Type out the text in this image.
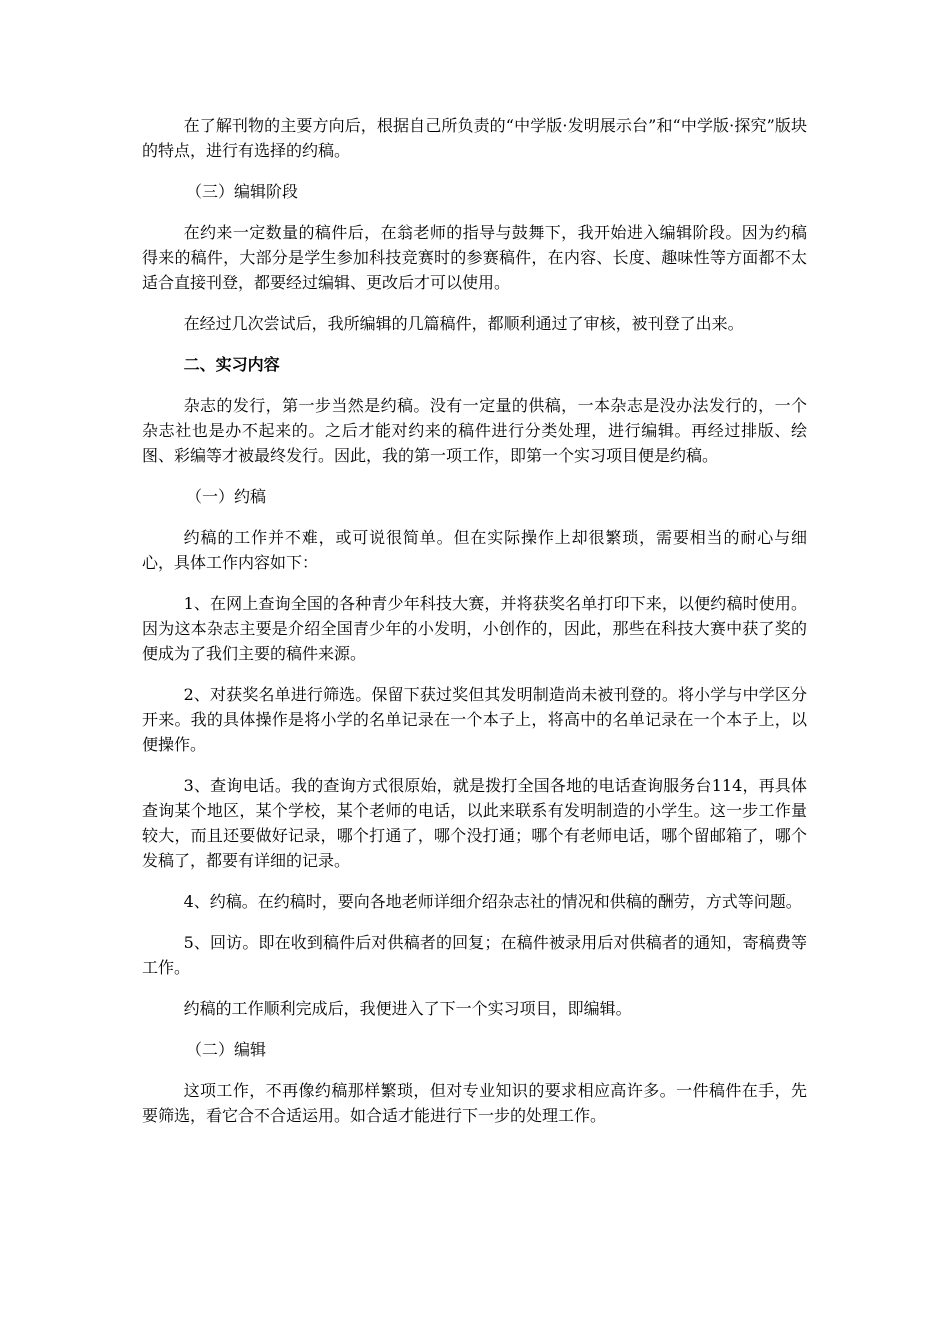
在了解刊物的主要方向后，根据自己所负责的“中学版·发明展示台”和“中学版·探究”版块的特点，进行有选择的约稿。

（三）编辑阶段

在约来一定数量的稿件后，在翁老师的指导与鼓舞下，我开始进入编辑阶段。因为约稿得来的稿件，大部分是学生参加科技竞赛时的参赛稿件，在内容、长度、趣味性等方面都不太适合直接刊登，都要经过编辑、更改后才可以使用。

在经过几次尝试后，我所编辑的几篇稿件，都顺利通过了审核，被刊登了出来。

二、实习内容

杂志的发行，第一步当然是约稿。没有一定量的供稿，一本杂志是没办法发行的，一个杂志社也是办不起来的。之后才能对约来的稿件进行分类处理，进行编辑。再经过排版、绘图、彩编等才被最终发行。因此，我的第一项工作，即第一个实习项目便是约稿。

（一）约稿

约稿的工作并不难，或可说很简单。但在实际操作上却很繁琐，需要相当的耐心与细心，具体工作内容如下：

1、在网上查询全国的各种青少年科技大赛，并将获奖名单打印下来，以便约稿时使用。因为这本杂志主要是介绍全国青少年的小发明，小创作的，因此，那些在科技大赛中获了奖的便成为了我们主要的稿件来源。

2、对获奖名单进行筛选。保留下获过奖但其发明制造尚未被刊登的。将小学与中学区分开来。我的具体操作是将小学的名单记录在一个本子上，将高中的名单记录在一个本子上，以便操作。

3、查询电话。我的查询方式很原始，就是拨打全国各地的电话查询服务台114，再具体查询某个地区，某个学校，某个老师的电话，以此来联系有发明制造的小学生。这一步工作量较大，而且还要做好记录，哪个打通了，哪个没打通；哪个有老师电话，哪个留邮箱了，哪个发稿了，都要有详细的记录。

4、约稿。在约稿时，要向各地老师详细介绍杂志社的情况和供稿的酬劳，方式等问题。

5、回访。即在收到稿件后对供稿者的回复；在稿件被录用后对供稿者的通知，寄稿费等工作。

约稿的工作顺利完成后，我便进入了下一个实习项目，即编辑。

（二）编辑

这项工作，不再像约稿那样繁琐，但对专业知识的要求相应高许多。一件稿件在手，先要筛选，看它合不合适运用。如合适才能进行下一步的处理工作。
